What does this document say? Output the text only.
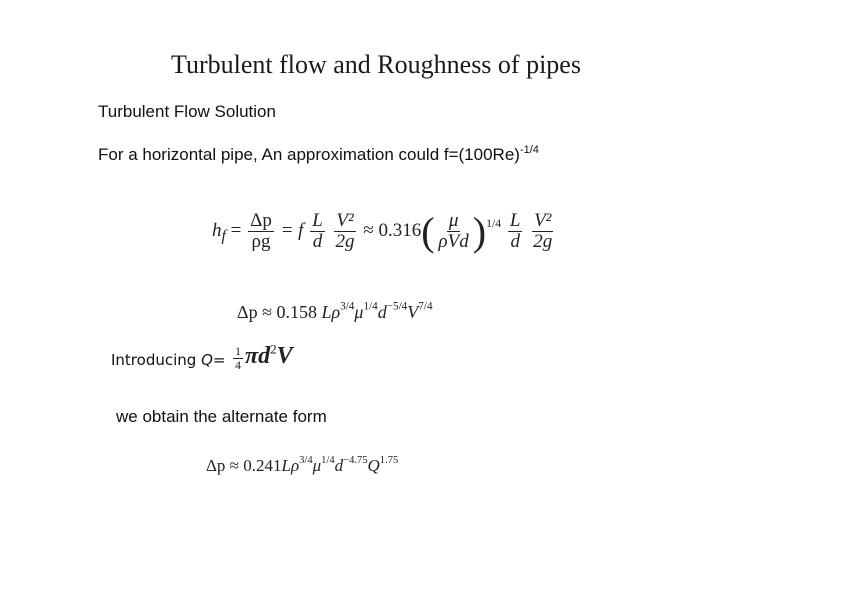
Turbulent flow and Roughness of pipes
Turbulent Flow Solution
For a horizontal pipe, An approximation could $f=(100Re)^{-1/4}$
$h_f = \frac{\Delta p}{\rho g} = f \frac{L}{d}$
$\frac{\text{V²}}{2g} \approx 0.316( \frac{\mu}{\text{ρVd}} )^{1/4} \frac{L}{d}$
$\frac{\text{V²}}{2g}$
Δp ≈ 0.158 $L\rho^{3/4}\mu^{1/4}d^{-5/4}V^{7/4}$
Introducing $Q= \frac{1}{4} \pi d^2V$
we obtain the alternate form
$\Delta p \approx 0.241L\rho^{3/4}\mu^{1/4}d^{-4.75}Q^{1.75}$
